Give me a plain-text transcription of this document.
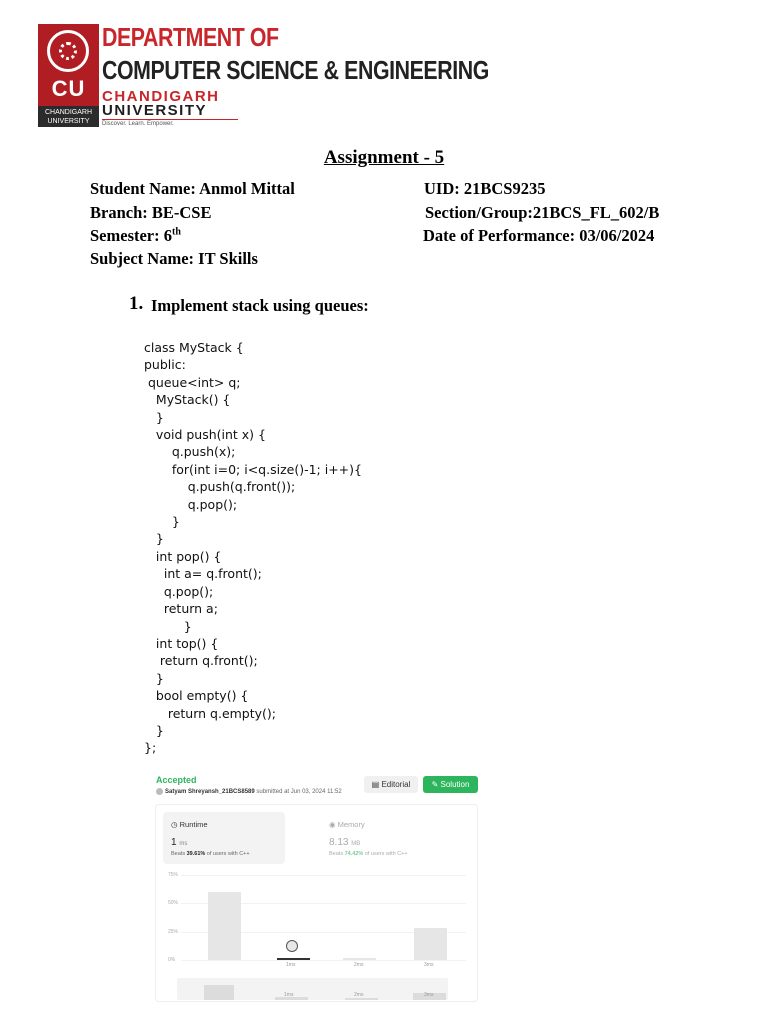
CU
CHANDIGARH UNIVERSITY
DEPARTMENT OF
COMPUTER SCIENCE & ENGINEERING
CHANDIGARH
UNIVERSITY
Discover. Learn. Empower.
Assignment - 5
Student Name: Anmol Mittal	UID: 21BCS9235
Branch: BE-CSE	Section/Group:21BCS_FL_602/B
Semester: 6th	Date of Performance: 03/06/2024
Subject Name: IT Skills
1. Implement stack using queues:
class MyStack {
public:
queue<int> q;
MyStack() {
}
void push(int x) {
q.push(x);
for(int i=0; i<q.size()-1; i++){
q.push(q.front());
q.pop();
}
}
int pop() {
int a= q.front();
q.pop();
return a;
}
int top() {
return q.front();
}
bool empty() {
return q.empty();
}
};
Accepted
Satyam Shreyansh_21BCS8589 submitted at Jun 03, 2024 11:52
▤ Editorial	✎ Solution
◷ Runtime
1 ms
Beats 39.61% of users with C++
◉ Memory
8.13 MB
Beats 74.42% of users with C++
75%
50%
25%
0%
1ms	2ms	3ms
1ms	2ms	3ms
